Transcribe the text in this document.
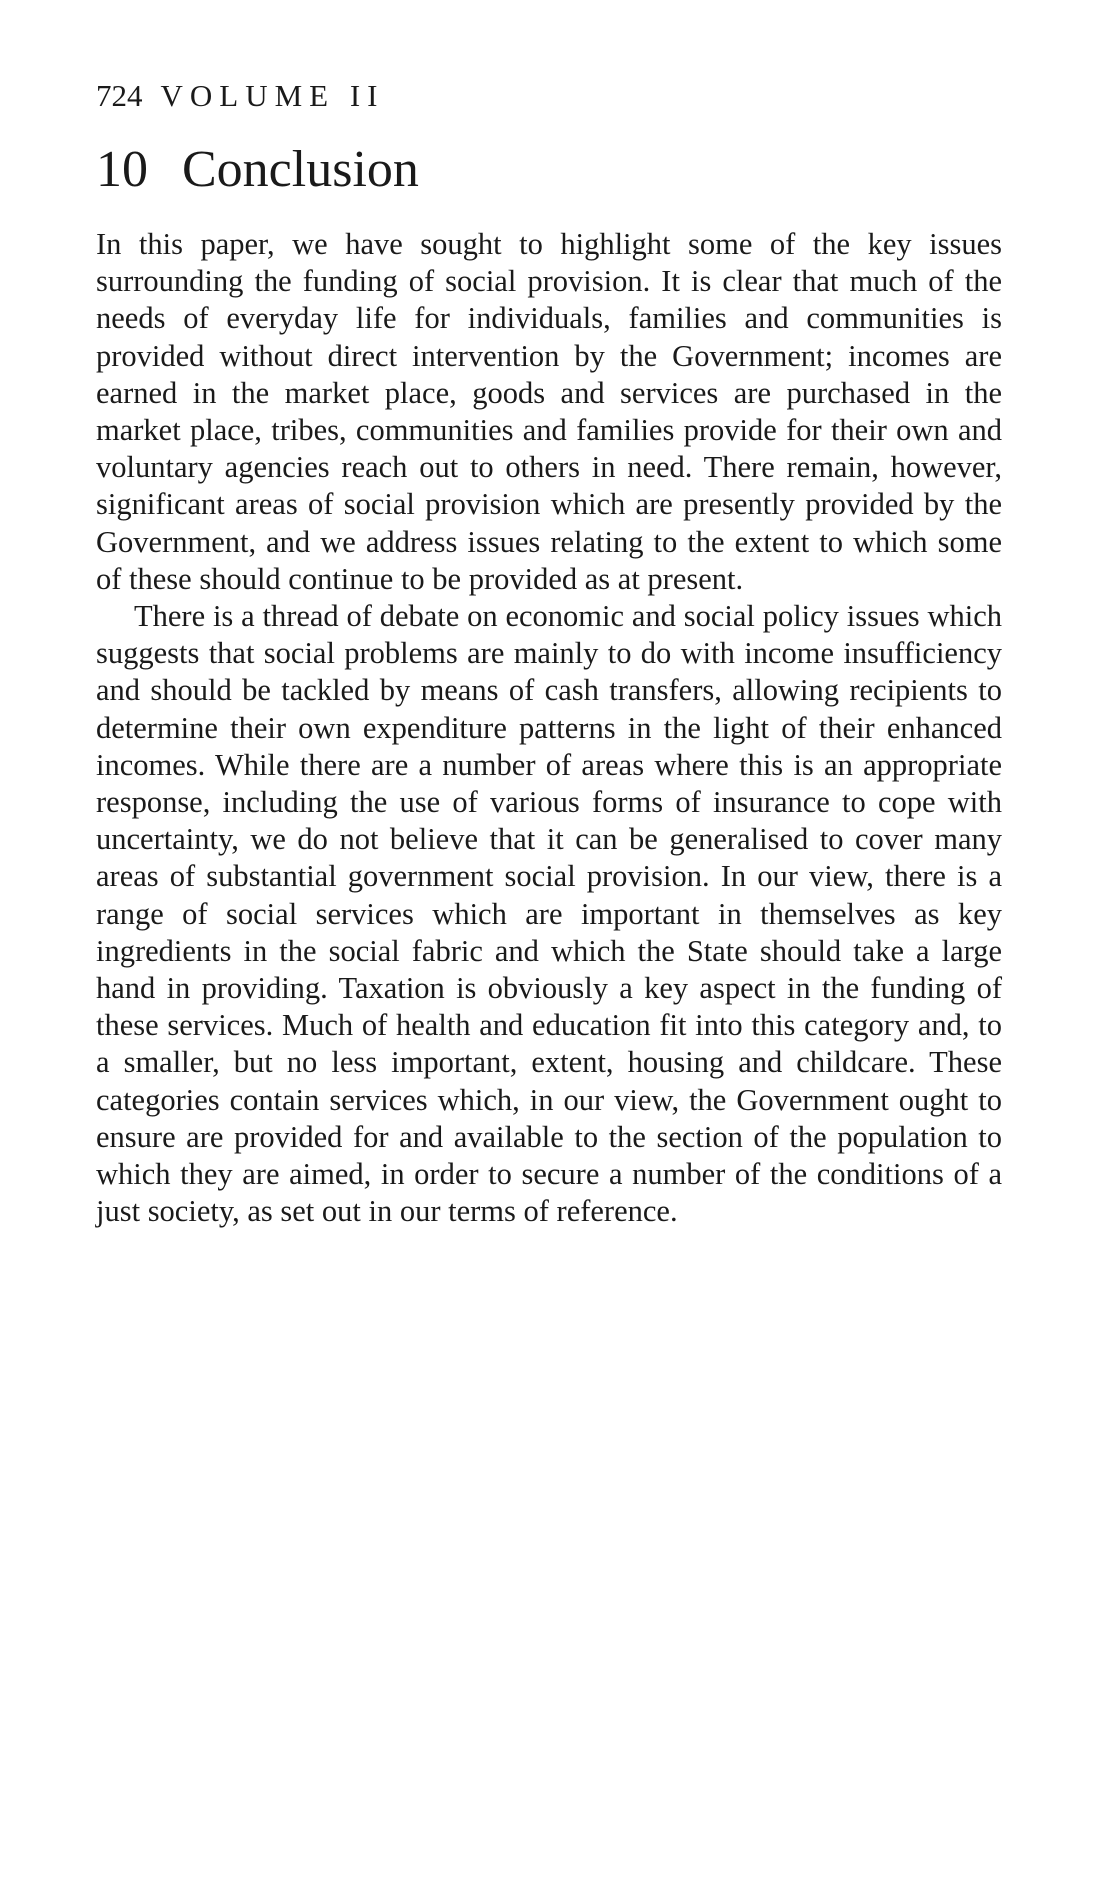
724 VOLUME II
10 Conclusion

In this paper, we have sought to highlight some of the key issues surrounding the funding of social provision. It is clear that much of the needs of everyday life for individuals, families and communities is provided without direct intervention by the Government; incomes are earned in the market place, goods and services are purchased in the market place, tribes, communities and families provide for their own and voluntary agencies reach out to others in need. There remain, however, significant areas of social provision which are presently provided by the Government, and we address issues relating to the extent to which some of these should continue to be provided as at present.

There is a thread of debate on economic and social policy issues which suggests that social problems are mainly to do with income insufficiency and should be tackled by means of cash transfers, allowing recipients to determine their own expenditure patterns in the light of their enhanced incomes. While there are a number of areas where this is an appropriate response, including the use of various forms of insurance to cope with uncertainty, we do not believe that it can be generalised to cover many areas of substantial government social provision. In our view, there is a range of social services which are important in themselves as key ingredients in the social fabric and which the State should take a large hand in providing. Taxation is obviously a key aspect in the funding of these services. Much of health and education fit into this category and, to a smaller, but no less important, extent, housing and childcare. These categories contain services which, in our view, the Government ought to ensure are provided for and available to the section of the population to which they are aimed, in order to secure a number of the conditions of a just society, as set out in our terms of reference.
